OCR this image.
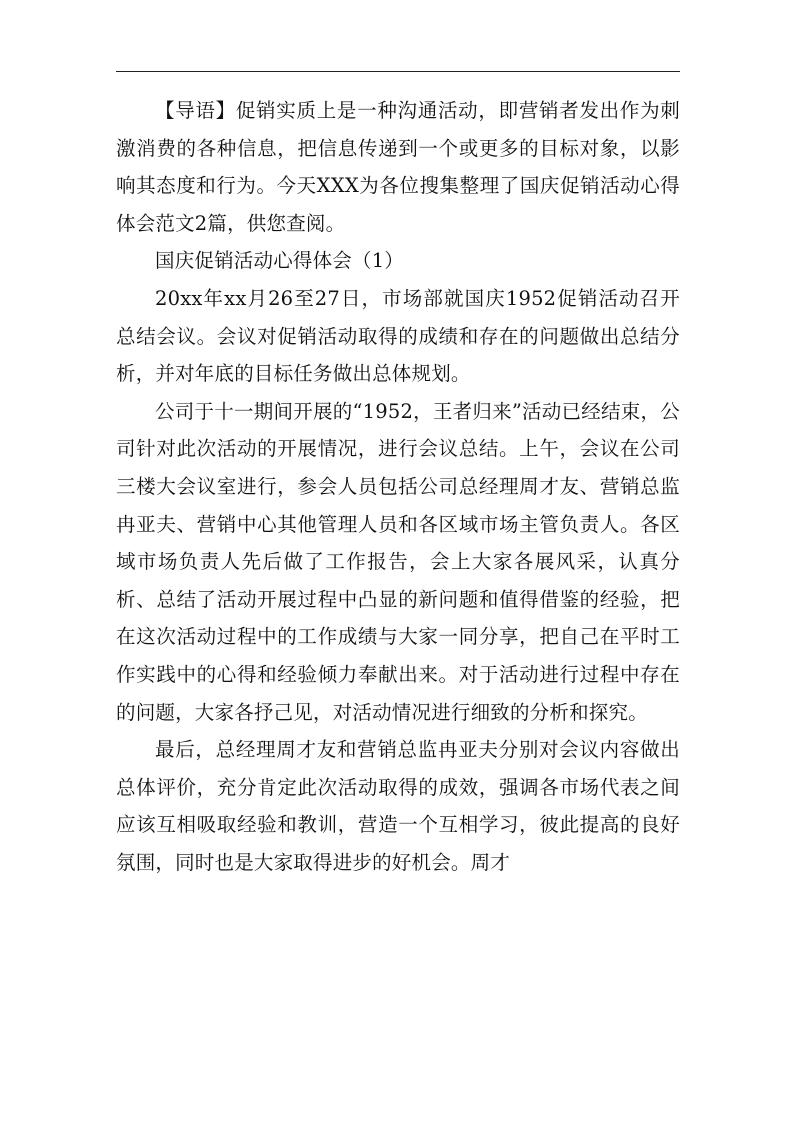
【导语】促销实质上是一种沟通活动，即营销者发出作为刺激消费的各种信息，把信息传递到一个或更多的目标对象，以影响其态度和行为。今天XXX为各位搜集整理了国庆促销活动心得体会范文2篇，供您查阅。

国庆促销活动心得体会（1）

20xx年xx月26至27日，市场部就国庆1952促销活动召开总结会议。会议对促销活动取得的成绩和存在的问题做出总结分析，并对年底的目标任务做出总体规划。

公司于十一期间开展的“1952，王者归来”活动已经结束，公司针对此次活动的开展情况，进行会议总结。上午，会议在公司三楼大会议室进行，参会人员包括公司总经理周才友、营销总监冉亚夫、营销中心其他管理人员和各区域市场主管负责人。各区域市场负责人先后做了工作报告，会上大家各展风采，认真分析、总结了活动开展过程中凸显的新问题和值得借鉴的经验，把在这次活动过程中的工作成绩与大家一同分享，把自己在平时工作实践中的心得和经验倾力奉献出来。对于活动进行过程中存在的问题，大家各抒己见，对活动情况进行细致的分析和探究。

最后，总经理周才友和营销总监冉亚夫分别对会议内容做出总体评价，充分肯定此次活动取得的成效，强调各市场代表之间应该互相吸取经验和教训，营造一个互相学习，彼此提高的良好氛围，同时也是大家取得进步的好机会。周才
